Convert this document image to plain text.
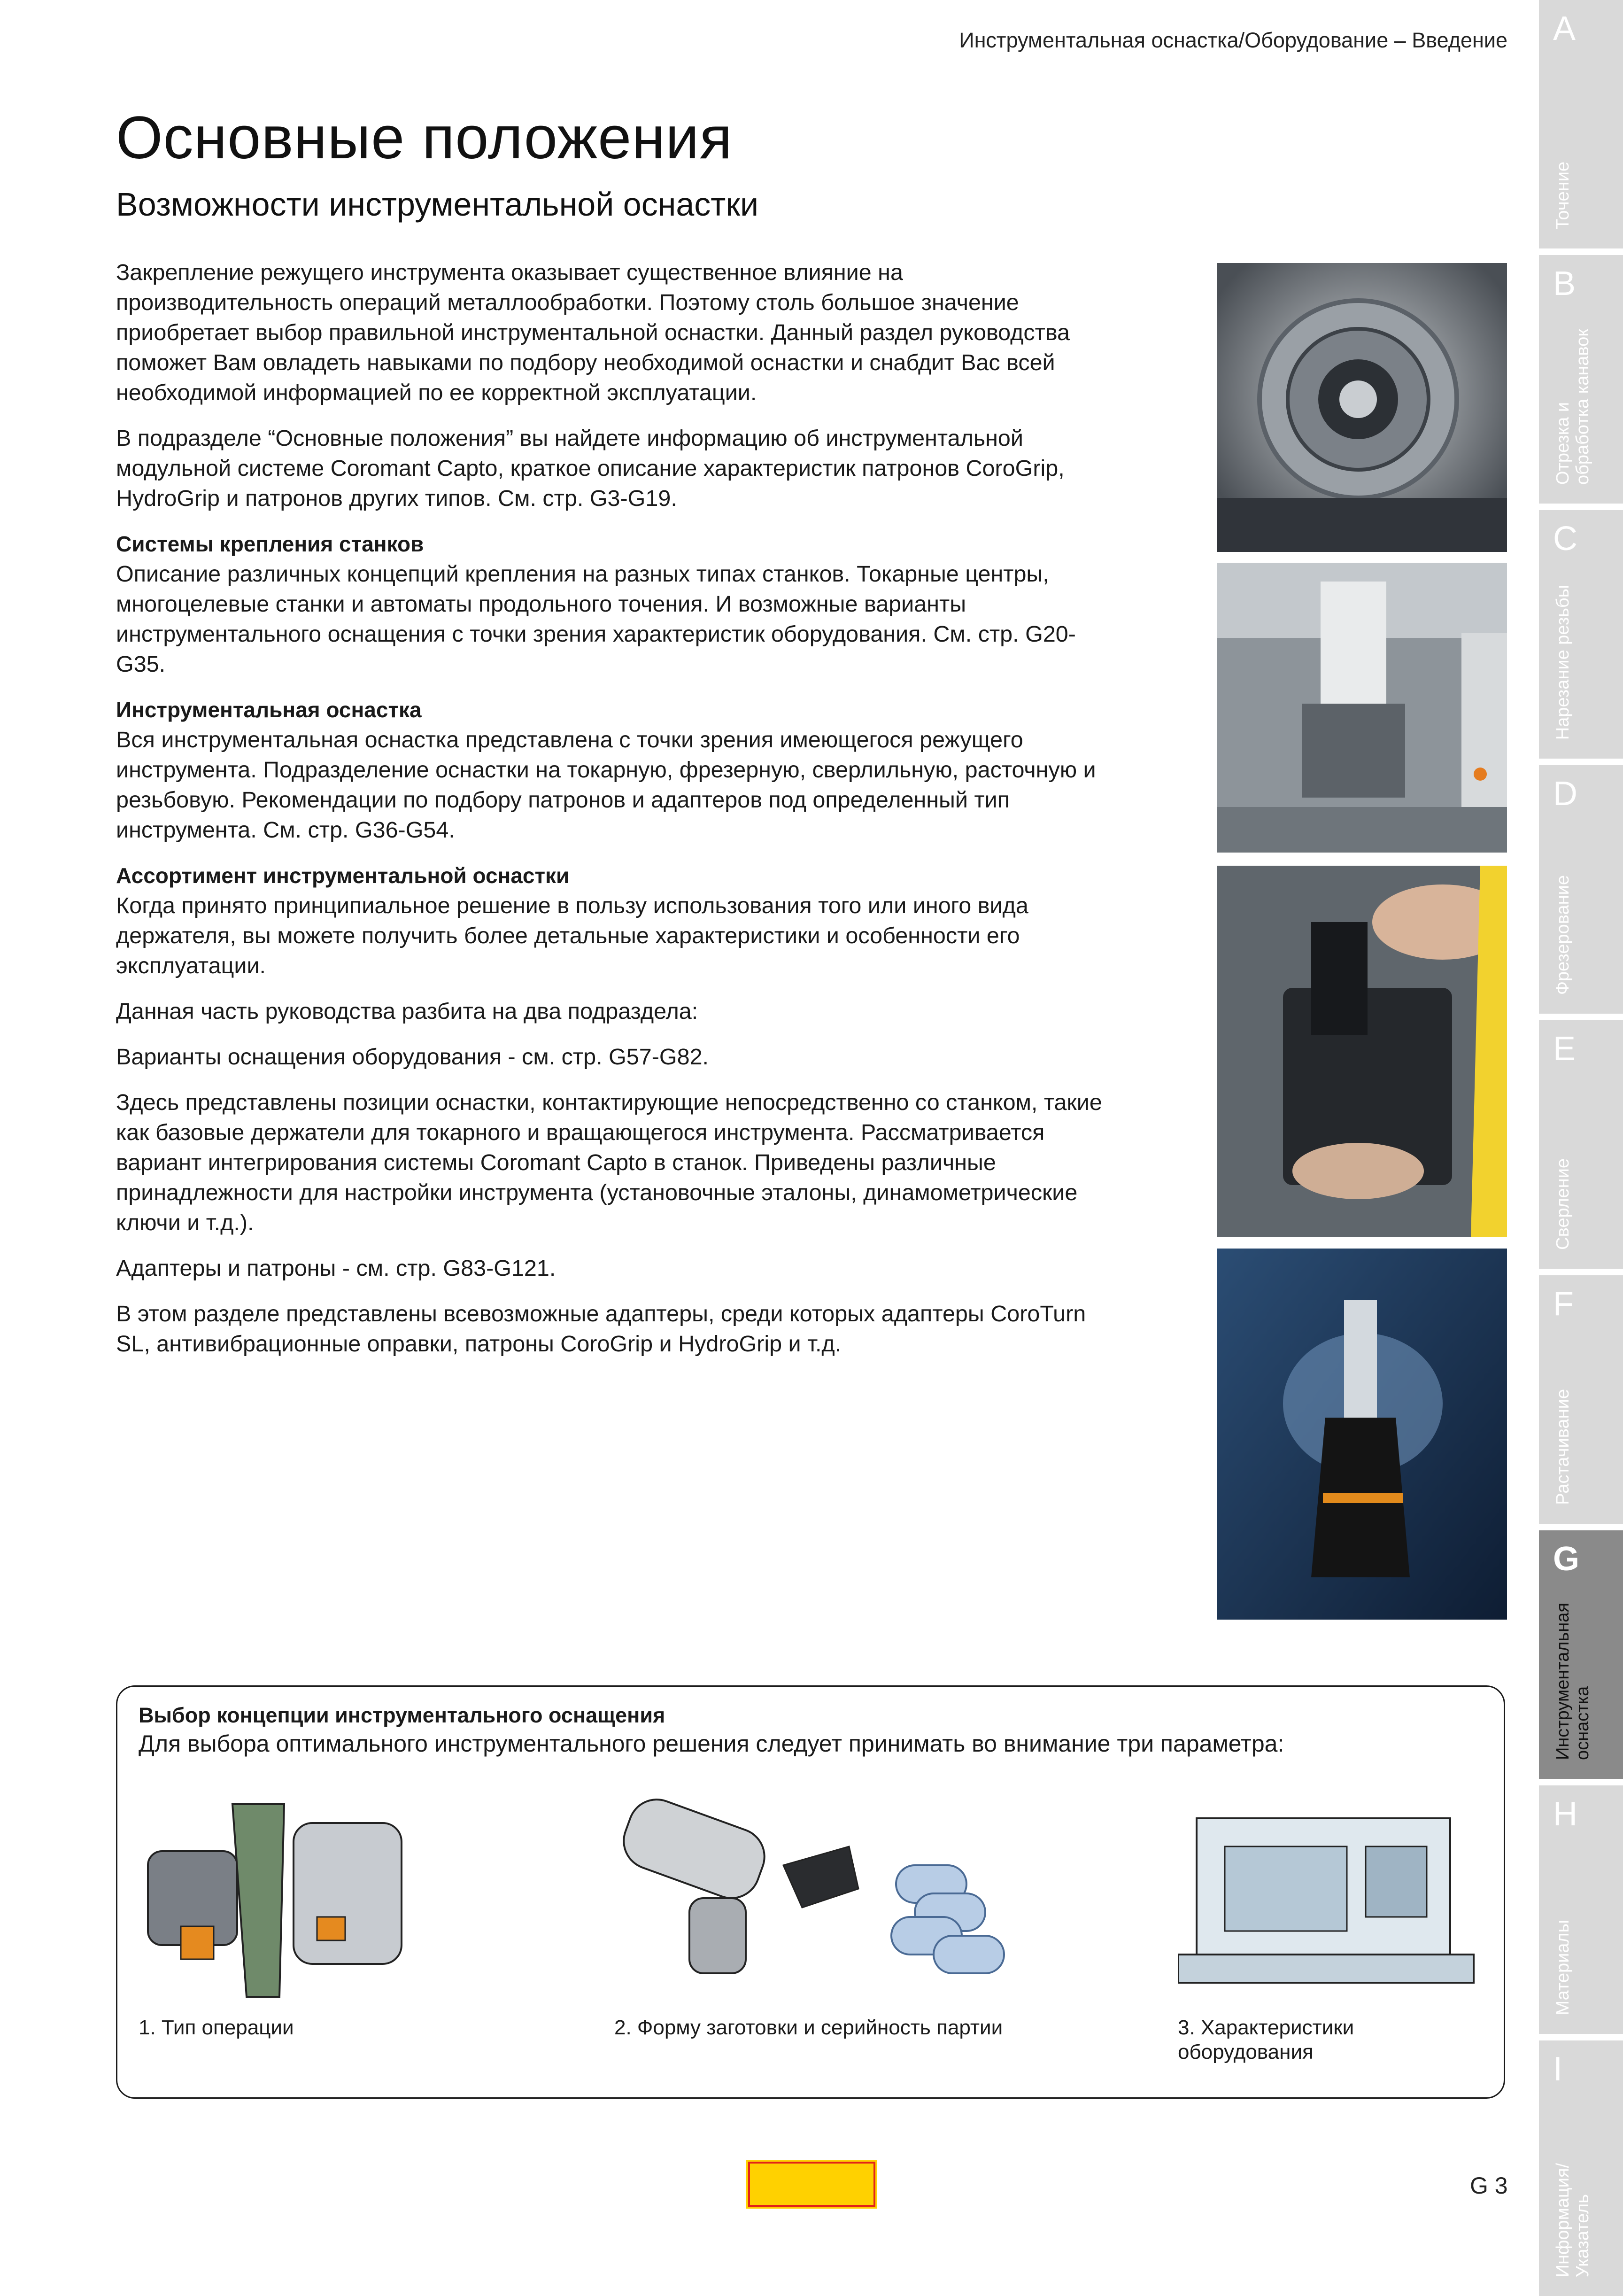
Инструментальная оснастка/Оборудование – Введение
Основные положения
Возможности инструментальной оснастки

Закрепление режущего инструмента оказывает существенное влияние на производительность операций металлообработки. Поэтому столь большое значение приобретает выбор правильной инструментальной оснастки. Данный раздел руководства поможет Вам овладеть навыками по подбору необходимой оснастки и снабдит Вас всей необходимой информацией по ее корректной эксплуатации.

В подразделе “Основные положения” вы найдете информацию об инструментальной модульной системе Coromant Capto, краткое описание характеристик патронов CoroGrip, HydroGrip и патронов других типов. См. стр. G3-G19.

Системы крепления станков
Описание различных концепций крепления на разных типах станков. Токарные центры, многоцелевые станки и автоматы продольного точения. И возможные варианты инструментального оснащения с точки зрения характеристик оборудования. См. стр. G20-G35.

Инструментальная оснастка
Вся инструментальная оснастка представлена с точки зрения имеющегося режущего инструмента. Подразделение оснастки на токарную, фрезерную, сверлильную, расточную и резьбовую. Рекомендации по подбору патронов и адаптеров под определенный тип инструмента. См. стр. G36-G54.

Ассортимент инструментальной оснастки
Когда принято принципиальное решение в пользу использования того или иного вида держателя, вы можете получить более детальные характеристики и особенности его эксплуатации.

Данная часть руководства разбита на два подраздела:

Варианты оснащения оборудования - см. стр. G57-G82.

Здесь представлены позиции оснастки, контактирующие непосредственно со станком, такие как базовые держатели для токарного и вращающегося инструмента. Рассматривается вариант интегрирования системы Coromant Capto в станок. Приведены различные принадлежности для настройки инструмента (установочные эталоны, динамометрические ключи и т.д.).

Адаптеры и патроны - см. стр. G83-G121.

В этом разделе представлены всевозможные адаптеры, среди которых адаптеры CoroTurn SL, антивибрационные оправки, патроны CoroGrip и HydroGrip и т.д.

A
Точение
B
Отрезка и
обработка канавок
C
Нарезание резьбы
D
Фрезерование
E
Сверление
F
Растачивание
G
Инструментальная
оснастка
H
Материалы
I
Информация/
Указатель
Выбор концепции инструментального оснащения
Для выбора оптимального инструментального решения следует принимать во внимание три параметра:
1. Тип операции	2. Форму заготовки и серийность партии	3. Характеристики
оборудования
G 3
